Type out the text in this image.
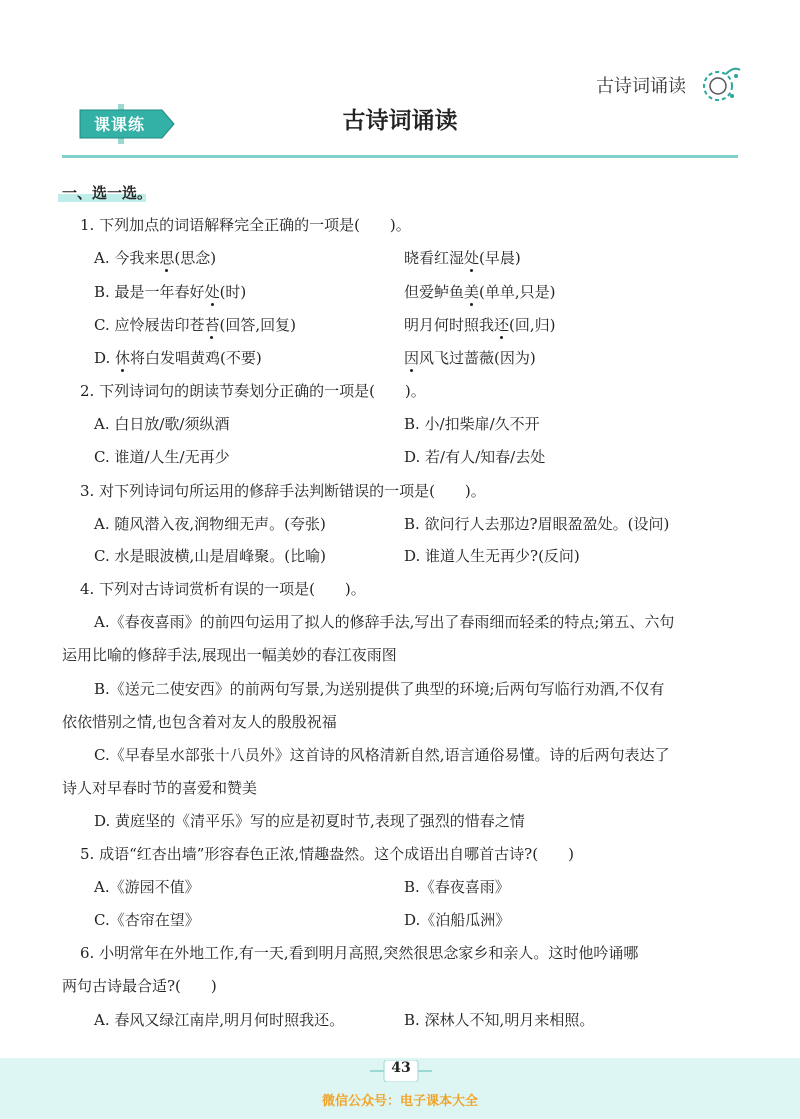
古诗词诵读
课课练	古诗词诵读
一、选一选。
1. 下列加点的词语解释完全正确的一项是(　　)。
A. 今我来思(思念)	晓看红湿处(早晨)
B. 最是一年春好处(时)	但爱鲈鱼美(单单,只是)
C. 应怜屐齿印苍苔(回答,回复)	明月何时照我还(回,归)
D. 休将白发唱黄鸡(不要)	因风飞过蔷薇(因为)
2. 下列诗词句的朗读节奏划分正确的一项是(　　)。
A. 白日放/歌/须纵酒	B. 小/扣柴扉/久不开
C. 谁道/人生/无再少	D. 若/有人/知春/去处
3. 对下列诗词句所运用的修辞手法判断错误的一项是(　　)。
A. 随风潜入夜,润物细无声。(夸张)	B. 欲问行人去那边?眉眼盈盈处。(设问)
C. 水是眼波横,山是眉峰聚。(比喻)	D. 谁道人生无再少?(反问)
4. 下列对古诗词赏析有误的一项是(　　)。
A.《春夜喜雨》的前四句运用了拟人的修辞手法,写出了春雨细而轻柔的特点;第五、六句
运用比喻的修辞手法,展现出一幅美妙的春江夜雨图
B.《送元二使安西》的前两句写景,为送别提供了典型的环境;后两句写临行劝酒,不仅有
依依惜别之情,也包含着对友人的殷殷祝福
C.《早春呈水部张十八员外》这首诗的风格清新自然,语言通俗易懂。诗的后两句表达了
诗人对早春时节的喜爱和赞美
D. 黄庭坚的《清平乐》写的应是初夏时节,表现了强烈的惜春之情
5. 成语“红杏出墙”形容春色正浓,情趣盎然。这个成语出自哪首古诗?(　　)
A.《游园不值》	B.《春夜喜雨》
C.《杏帘在望》	D.《泊船瓜洲》
6. 小明常年在外地工作,有一天,看到明月高照,突然很思念家乡和亲人。这时他吟诵哪
两句古诗最合适?(　　)
A. 春风又绿江南岸,明月何时照我还。	B. 深林人不知,明月来相照。
43
微信公众号：电子课本大全
